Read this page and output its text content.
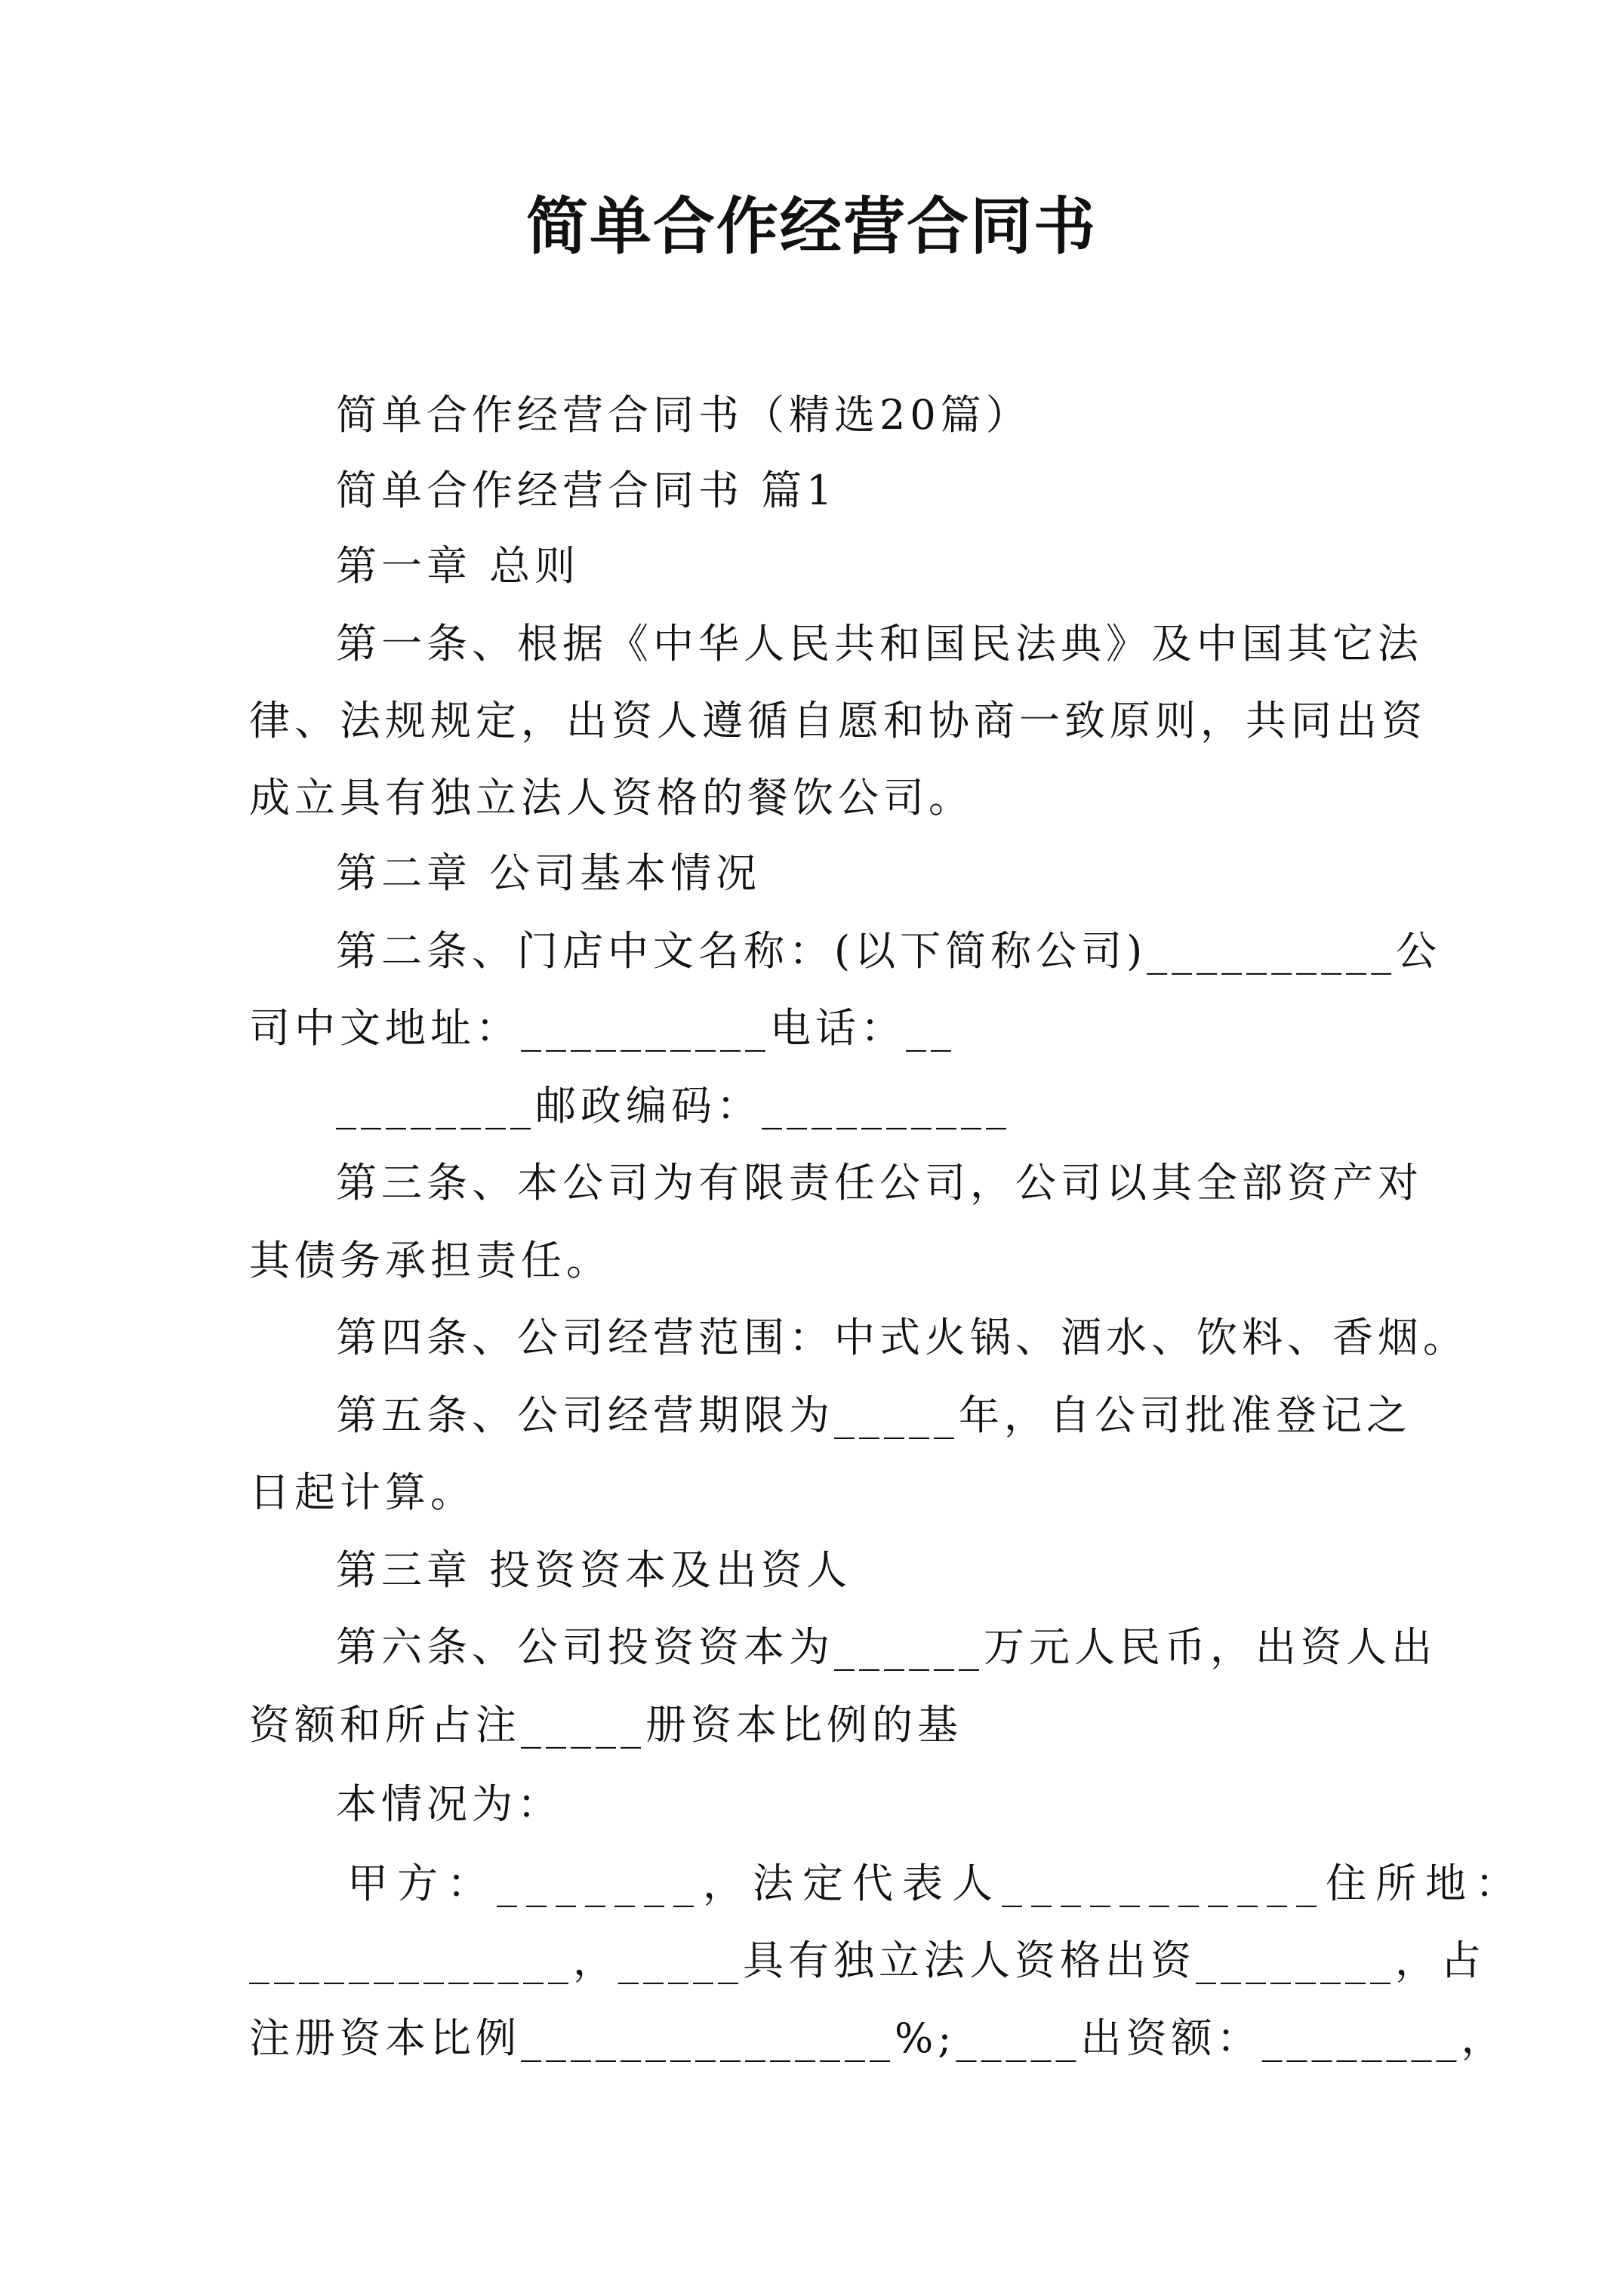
简单合作经营合同书
简单合作经营合同书（精选20篇）
简单合作经营合同书 篇1
第一章 总则
第一条、根据《中华人民共和国民法典》及中国其它法
律、法规规定，出资人遵循自愿和协商一致原则，共同出资
成立具有独立法人资格的餐饮公司。
第二章 公司基本情况
第二条、门店中文名称：(以下简称公司)__________公
司中文地址：__________电话：__
________邮政编码：__________
第三条、本公司为有限责任公司，公司以其全部资产对
其债务承担责任。
第四条、公司经营范围：中式火锅、酒水、饮料、香烟。
第五条、公司经营期限为_____年，自公司批准登记之
日起计算。
第三章 投资资本及出资人
第六条、公司投资资本为______万元人民币，出资人出
资额和所占注_____册资本比例的基
本情况为：
甲方：_______，法定代表人___________住所地：
_____________，_____具有独立法人资格出资________，占
注册资本比例_______________%;_____出资额：________，
